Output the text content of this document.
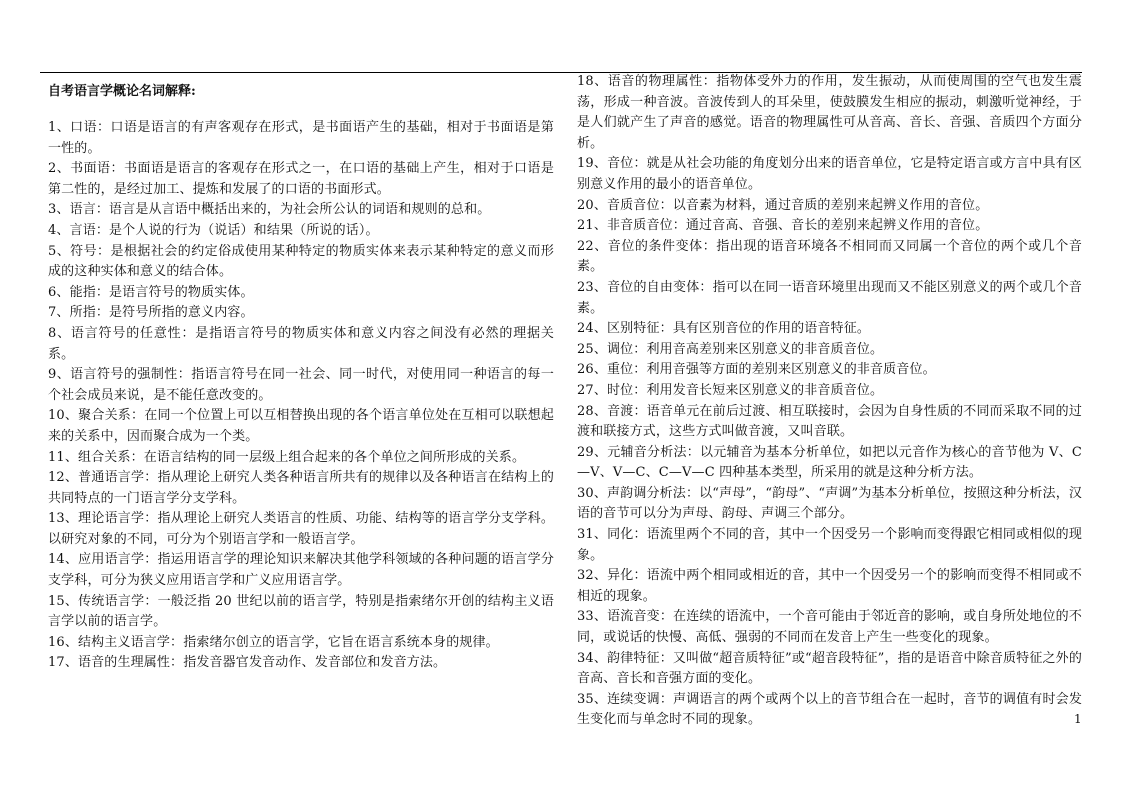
自考语言学概论名词解释:

1、口语：口语是语言的有声客观存在形式，是书面语产生的基础，相对于书面语是第一性的。

2、书面语：书面语是语言的客观存在形式之一，在口语的基础上产生，相对于口语是第二性的，是经过加工、提炼和发展了的口语的书面形式。

3、语言：语言是从言语中概括出来的，为社会所公认的词语和规则的总和。

4、言语：是个人说的行为（说话）和结果（所说的话）。

5、符号：是根据社会的约定俗成使用某种特定的物质实体来表示某种特定的意义而形成的这种实体和意义的结合体。

6、能指：是语言符号的物质实体。

7、所指：是符号所指的意义内容。

8、语言符号的任意性：是指语言符号的物质实体和意义内容之间没有必然的理据关系。

9、语言符号的强制性：指语言符号在同一社会、同一时代，对使用同一种语言的每一个社会成员来说，是不能任意改变的。

10、聚合关系：在同一个位置上可以互相替换出现的各个语言单位处在互相可以联想起来的关系中，因而聚合成为一个类。

11、组合关系：在语言结构的同一层级上组合起来的各个单位之间所形成的关系。

12、普通语言学：指从理论上研究人类各种语言所共有的规律以及各种语言在结构上的共同特点的一门语言学分支学科。

13、理论语言学：指从理论上研究人类语言的性质、功能、结构等的语言学分支学科。以研究对象的不同，可分为个别语言学和一般语言学。

14、应用语言学：指运用语言学的理论知识来解决其他学科领域的各种问题的语言学分支学科，可分为狭义应用语言学和广义应用语言学。

15、传统语言学：一般泛指 20 世纪以前的语言学，特别是指索绪尔开创的结构主义语言学以前的语言学。

16、结构主义语言学：指索绪尔创立的语言学，它旨在语言系统本身的规律。

17、语音的生理属性：指发音器官发音动作、发音部位和发音方法。

18、语音的物理属性：指物体受外力的作用，发生振动，从而使周围的空气也发生震荡，形成一种音波。音波传到人的耳朵里，使鼓膜发生相应的振动，刺激听觉神经，于是人们就产生了声音的感觉。语音的物理属性可从音高、音长、音强、音质四个方面分析。

19、音位：就是从社会功能的角度划分出来的语音单位，它是特定语言或方言中具有区别意义作用的最小的语音单位。

20、音质音位：以音素为材料，通过音质的差别来起辨义作用的音位。

21、非音质音位：通过音高、音强、音长的差别来起辨义作用的音位。

22、音位的条件变体：指出现的语音环境各不相同而又同属一个音位的两个或几个音素。

23、音位的自由变体：指可以在同一语音环境里出现而又不能区别意义的两个或几个音素。

24、区别特征：具有区别音位的作用的语音特征。

25、调位：利用音高差别来区别意义的非音质音位。

26、重位：利用音强等方面的差别来区别意义的非音质音位。

27、时位：利用发音长短来区别意义的非音质音位。

28、音渡：语音单元在前后过渡、相互联接时，会因为自身性质的不同而采取不同的过渡和联接方式，这些方式叫做音渡，又叫音联。

29、元辅音分析法：以元辅音为基本分析单位，如把以元音作为核心的音节他为 V、C—V、V—C、C—V—C 四种基本类型，所采用的就是这种分析方法。

30、声韵调分析法：以“声母”，“韵母”、“声调”为基本分析单位，按照这种分析法，汉语的音节可以分为声母、韵母、声调三个部分。

31、同化：语流里两个不同的音，其中一个因受另一个影响而变得跟它相同或相似的现象。

32、异化：语流中两个相同或相近的音，其中一个因受另一个的影响而变得不相同或不相近的现象。

33、语流音变：在连续的语流中，一个音可能由于邻近音的影响，或自身所处地位的不同，或说话的快慢、高低、强弱的不同而在发音上产生一些变化的现象。

34、韵律特征：又叫做“超音质特征”或“超音段特征”，指的是语音中除音质特征之外的音高、音长和音强方面的变化。

35、连续变调：声调语言的两个或两个以上的音节组合在一起时，音节的调值有时会发生变化而与单念时不同的现象。	1
